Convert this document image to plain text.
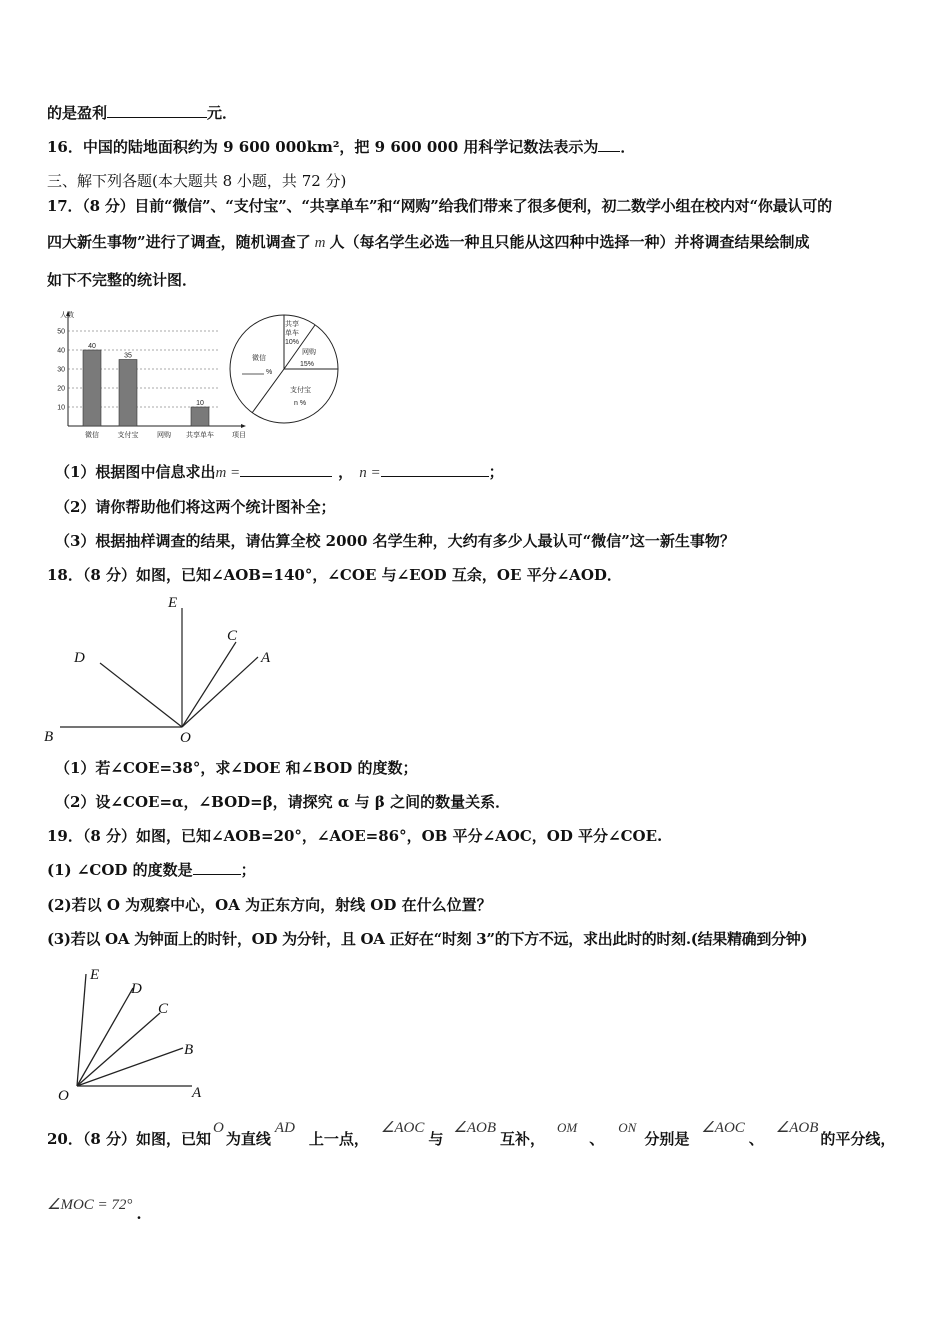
的是盈利	元．
16．中国的陆地面积约为 9 600 000km²，把 9 600 000 用科学记数法表示为 ．
三、解下列各题(本大题共 8 小题，共 72 分)
17．（8 分）目前“微信”、“支付宝”、“共享单车”和“网购”给我们带来了很多便利，初二数学小组在校内对“你最认可的
四大新生事物”进行了调查，随机调查了 m 人（每名学生必选一种且只能从这四种中选择一种）并将调查结果绘制成
如下不完整的统计图．
人数
项目
10
20
30
40
50
40
微信
35
支付宝	网购
10
共享单车
共享
单车
10%
网购
15%
微信
%
支付宝
n %
（1）根据图中信息求出m =	， n =	；
（2）请你帮助他们将这两个统计图补全；
（3）根据抽样调查的结果，请估算全校 2000 名学生种，大约有多少人最认可“微信”这一新生事物？
18．（8 分）如图，已知∠AOB=140°，∠COE 与∠EOD 互余，OE 平分∠AOD．
E
C
D	A
B	O
（1）若∠COE=38°，求∠DOE 和∠BOD 的度数；
（2）设∠COE=α，∠BOD=β，请探究 α 与 β 之间的数量关系．
19．（8 分）如图，已知∠AOB=20°，∠AOE=86°，OB 平分∠AOC，OD 平分∠COE.
(1) ∠COD 的度数是	；
(2)若以 O 为观察中心，OA 为正东方向，射线 OD 在什么位置？
(3)若以 OA 为钟面上的时针，OD 为分针，且 OA 正好在“时刻 3”的下方不远，求出此时的时刻.(结果精确到分钟)
E
D
C
B
O	A
20．（8 分）如图，已知O为直线AD上一点，∠AOC与∠AOB互补，OM、ON分别是∠AOC、∠AOB的平分线，
∠MOC = 72° .
